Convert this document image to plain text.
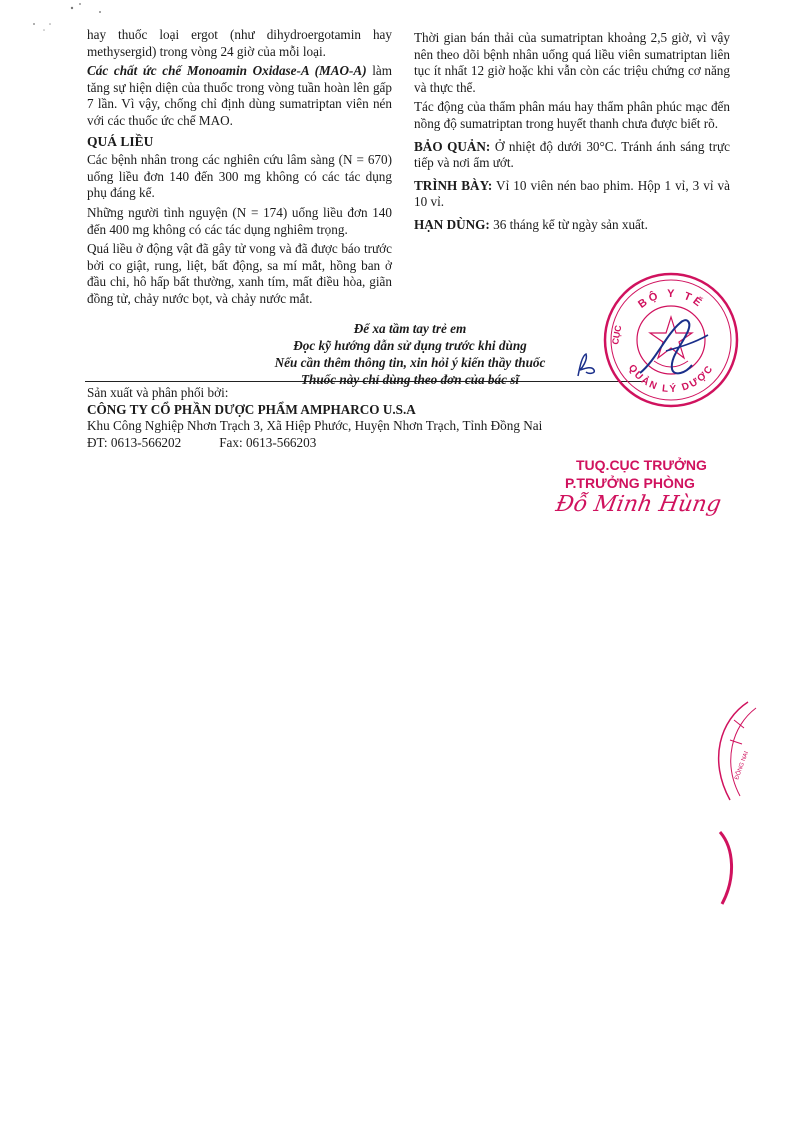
hay thuốc loại ergot (như dihydroergotamin hay methysergid) trong vòng 24 giờ của mỗi loại.

Các chất ức chế Monoamin Oxidase-A (MAO-A) làm tăng sự hiện diện của thuốc trong vòng tuần hoàn lên gấp 7 lần. Vì vậy, chống chỉ định dùng sumatriptan viên nén với các thuốc ức chế MAO.

QUÁ LIỀU

Các bệnh nhân trong các nghiên cứu lâm sàng (N = 670) uống liều đơn 140 đến 300 mg không có các tác dụng phụ đáng kể.

Những người tình nguyện (N = 174) uống liều đơn 140 đến 400 mg không có các tác dụng nghiêm trọng.

Quá liều ở động vật đã gây tử vong và đã được báo trước bởi co giật, rung, liệt, bất động, sa mí mắt, hồng ban ở đầu chi, hô hấp bất thường, xanh tím, mất điều hòa, giãn đồng tử, chảy nước bọt, và chảy nước mắt.

Thời gian bán thải của sumatriptan khoảng 2,5 giờ, vì vậy nên theo dõi bệnh nhân uống quá liều viên sumatriptan liên tục ít nhất 12 giờ hoặc khi vẫn còn các triệu chứng cơ năng và thực thể.

Tác động của thẩm phân máu hay thẩm phân phúc mạc đến nồng độ sumatriptan trong huyết thanh chưa được biết rõ.

BẢO QUẢN: Ở nhiệt độ dưới 30°C. Tránh ánh sáng trực tiếp và nơi ẩm ướt.

TRÌNH BÀY: Vỉ 10 viên nén bao phim. Hộp 1 vỉ, 3 vỉ và 10 vỉ.

HẠN DÙNG: 36 tháng kể từ ngày sản xuất.

Để xa tầm tay trẻ em
Đọc kỹ hướng dẫn sử dụng trước khi dùng
Nếu cần thêm thông tin, xin hỏi ý kiến thầy thuốc
Thuốc này chỉ dùng theo đơn của bác sĩ
Sản xuất và phân phối bởi:
CÔNG TY CỔ PHẦN DƯỢC PHẨM AMPHARCO U.S.A
Khu Công Nghiệp Nhơn Trạch 3, Xã Hiệp Phước, Huyện Nhơn Trạch, Tỉnh Đồng Nai
ĐT: 0613-566202	Fax: 0613-566203
BỘ Y TẾ
QUẢN LÝ DƯỢC
CỤC
TUQ.CỤC TRƯỞNG
P.TRƯỞNG PHÒNG
Đỗ Minh Hùng
ĐỒNG NAI
